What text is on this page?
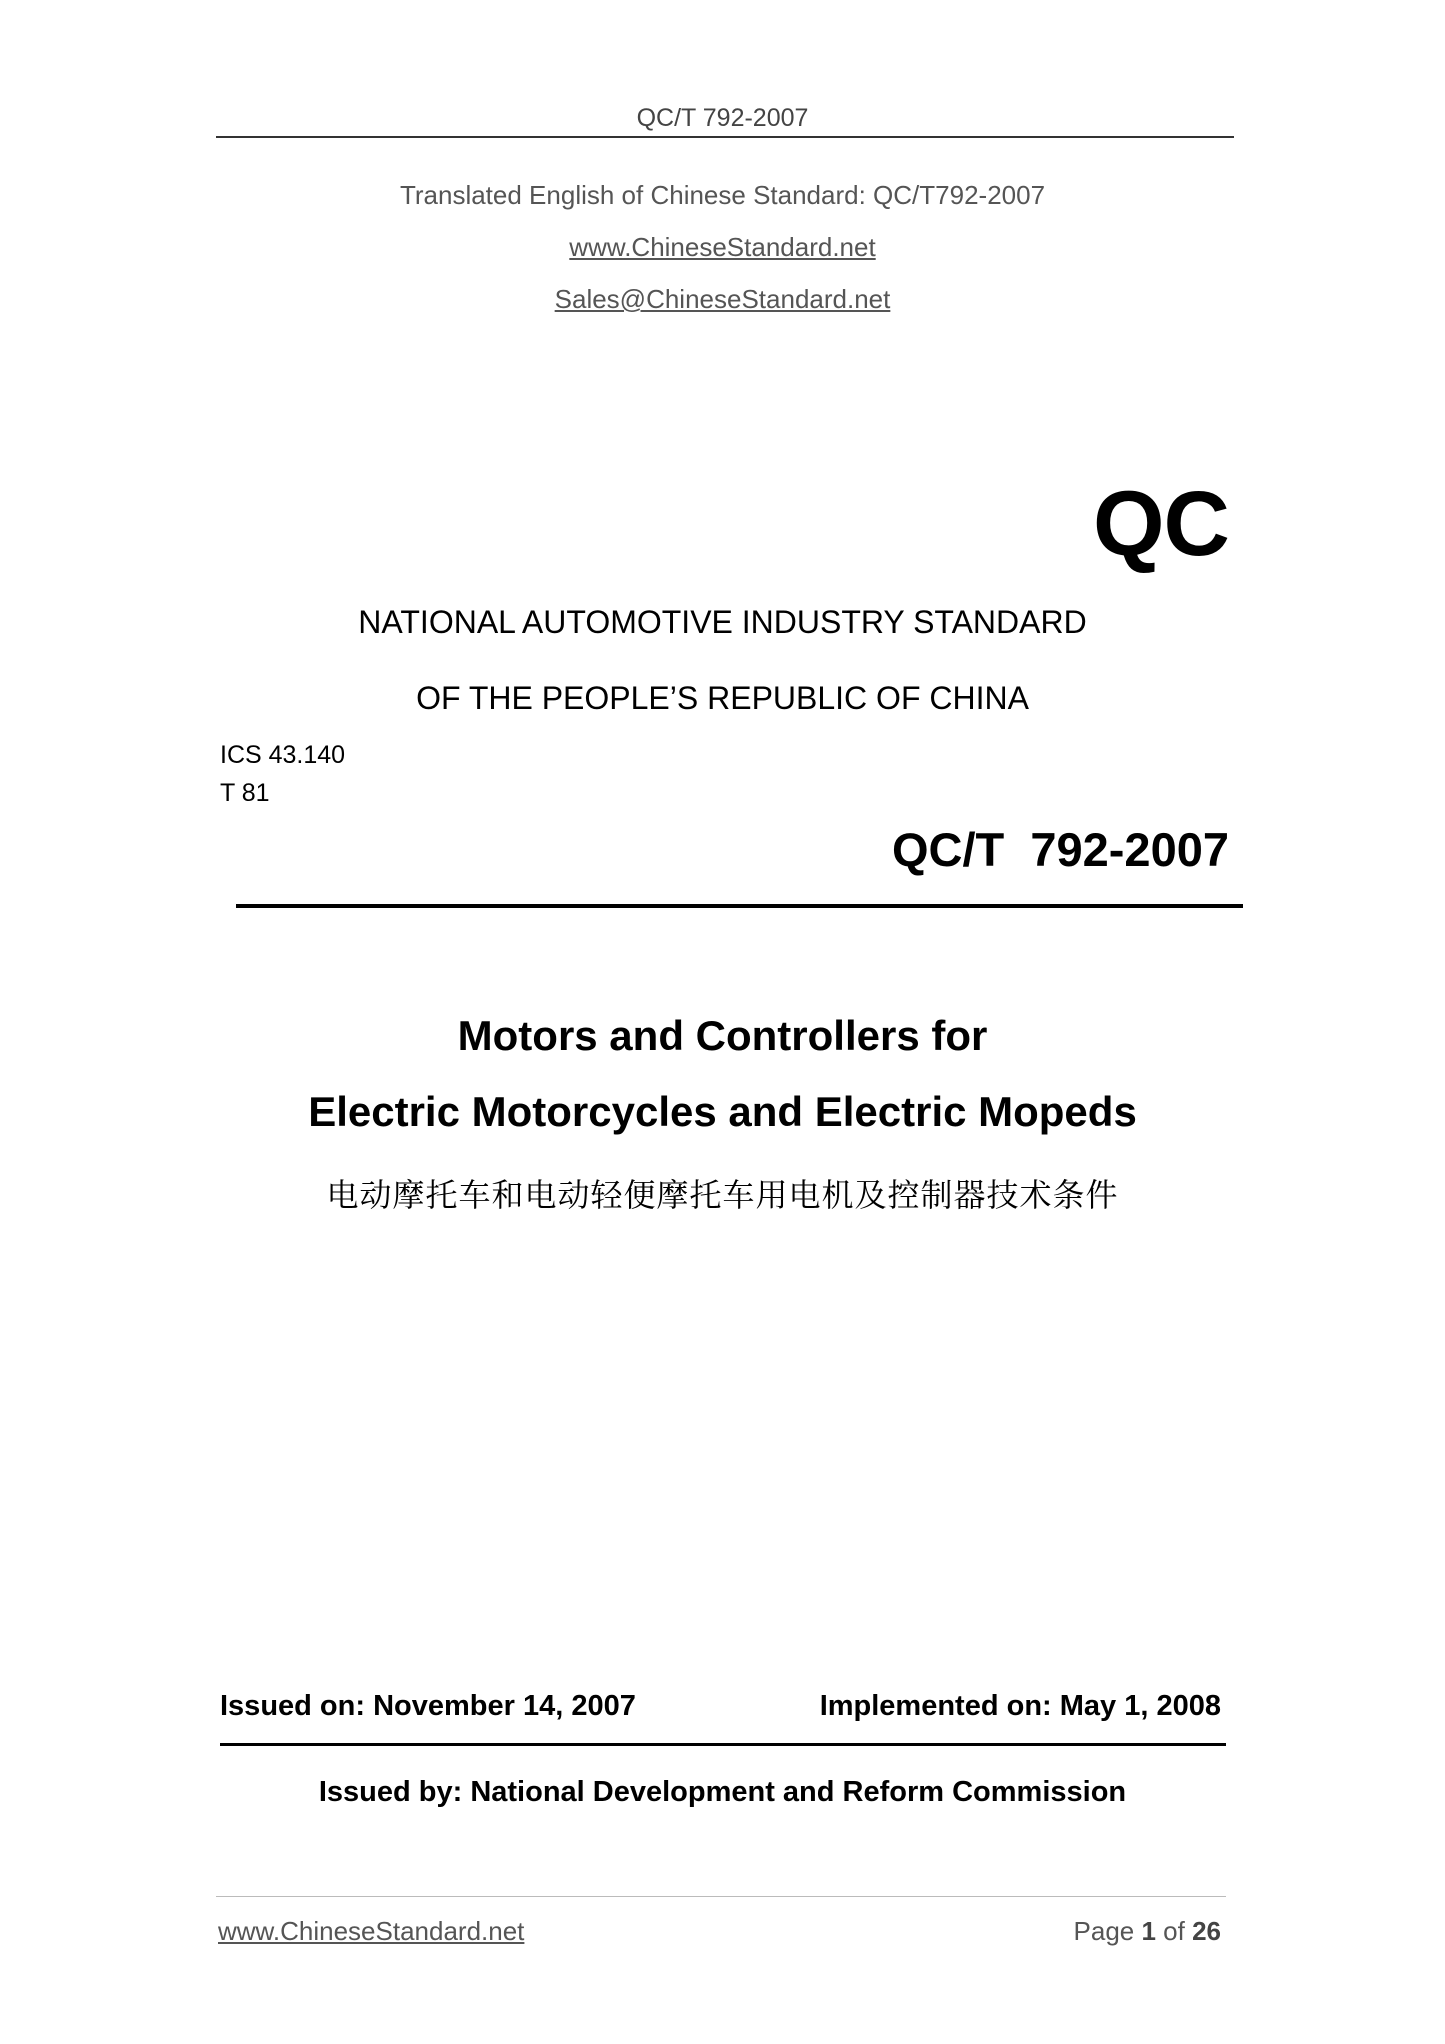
QC/T 792-2007
Translated English of Chinese Standard: QC/T792-2007
www.ChineseStandard.net
Sales@ChineseStandard.net
QC
NATIONAL AUTOMOTIVE INDUSTRY STANDARD
OF THE PEOPLE’S REPUBLIC OF CHINA
ICS 43.140
T 81
QC/T  792-2007
Motors and Controllers for
Electric Motorcycles and Electric Mopeds
电动摩托车和电动轻便摩托车用电机及控制器技术条件
Issued on: November 14, 2007	Implemented on: May 1, 2008
Issued by: National Development and Reform Commission
www.ChineseStandard.net	Page 1 of 26
